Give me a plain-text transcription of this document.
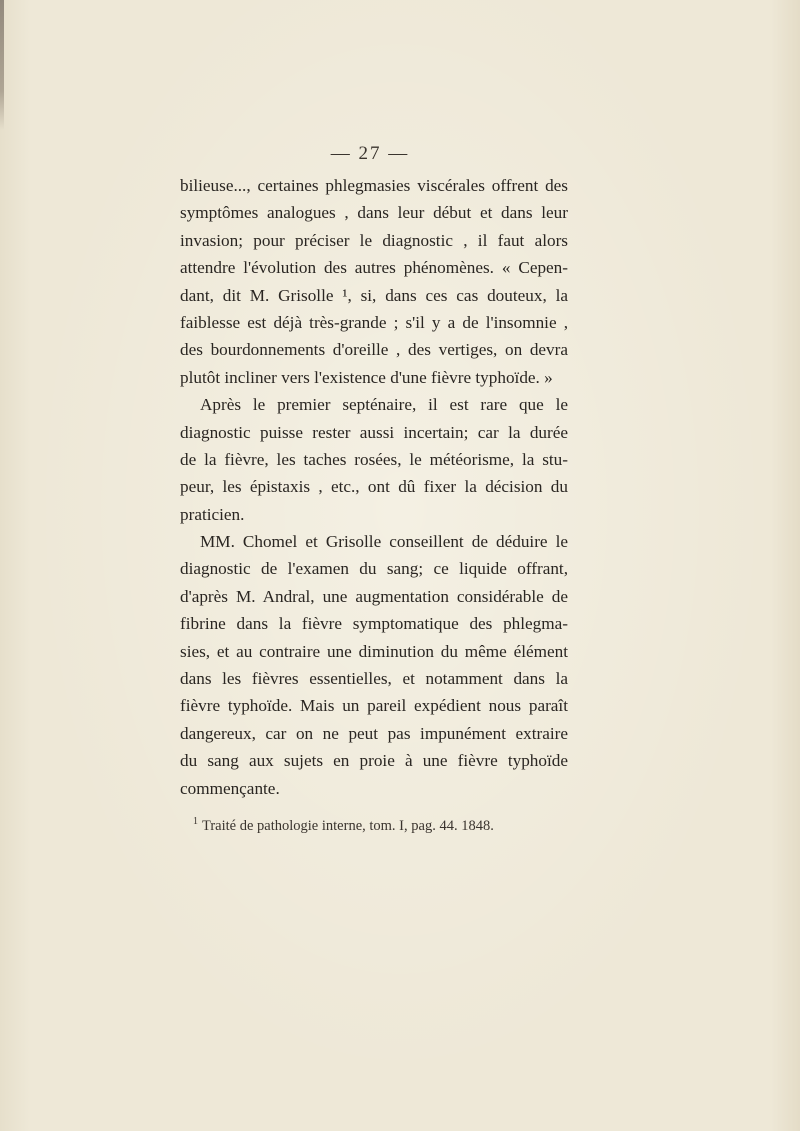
— 27 —
bilieuse..., certaines phlegmasies viscérales offrent des
symptômes analogues , dans leur début et dans leur
invasion; pour préciser le diagnostic , il faut alors
attendre l'évolution des autres phénomènes. « Cepen-
dant, dit M. Grisolle ¹, si, dans ces cas douteux, la
faiblesse est déjà très-grande ; s'il y a de l'insomnie ,
des bourdonnements d'oreille , des vertiges, on devra
plutôt incliner vers l'existence d'une fièvre typhoïde. »
Après le premier septénaire, il est rare que le
diagnostic puisse rester aussi incertain; car la durée
de la fièvre, les taches rosées, le météorisme, la stu-
peur, les épistaxis , etc., ont dû fixer la décision du
praticien.
MM. Chomel et Grisolle conseillent de déduire le
diagnostic de l'examen du sang; ce liquide offrant,
d'après M. Andral, une augmentation considérable de
fibrine dans la fièvre symptomatique des phlegma-
sies, et au contraire une diminution du même élément
dans les fièvres essentielles, et notamment dans la
fièvre typhoïde. Mais un pareil expédient nous paraît
dangereux, car on ne peut pas impunément extraire
du sang aux sujets en proie à une fièvre typhoïde
commençante.
$^1$ Traité de pathologie interne, tom. I, pag. 44. 1848.
